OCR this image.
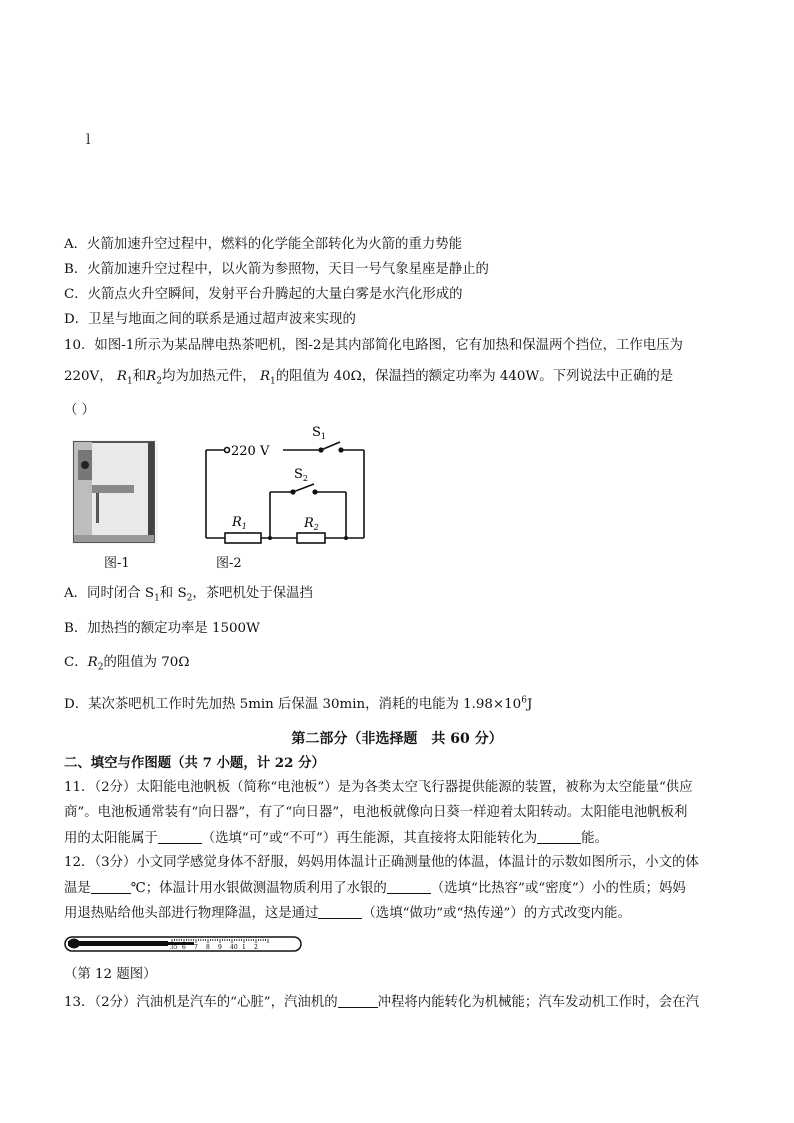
l
A．火箭加速升空过程中，燃料的化学能全部转化为火箭的重力势能
B．火箭加速升空过程中，以火箭为参照物，天目一号气象星座是静止的
C．火箭点火升空瞬间，发射平台升腾起的大量白雾是水汽化形成的
D．卫星与地面之间的联系是通过超声波来实现的
10．如图-1所示为某品牌电热茶吧机，图-2是其内部简化电路图，它有加热和保温两个挡位，工作电压为
220V， $R_1$和$R_2$均为加热元件， $R_1$的阻值为 40Ω，保温挡的额定功率为 440W。下列说法中正确的是
（ ）
图-1
220 V
$S_1$
$S_2$
$R_1$	$R_2$
图-2
A．同时闭合 $S_1$和 $S_2$，茶吧机处于保温挡
B．加热挡的额定功率是 1500W
C．$R_2$的阻值为 70Ω
D．某次茶吧机工作时先加热 5min 后保温 30min，消耗的电能为 $1.98\times 10^6J$
第二部分（非选择题　共 60 分）
二、填空与作图题（共 7 小题，计 22 分）
11．（2分）太阳能电池帆板（简称“电池板”）是为各类太空飞行器提供能源的装置，被称为太空能量“供应
商”。电池板通常装有“向日器”，有了“向日器”，电池板就像向日葵一样迎着太阳转动。太阳能电池帆板利
用的太阳能属于	（选填“可”或“不可”）再生能源，其直接将太阳能转化为	能。
12．（3分）小文同学感觉身体不舒服，妈妈用体温计正确测量他的体温，体温计的示数如图所示，小文的体
温是	℃；体温计用水银做测温物质利用了水银的	（选填“比热容”或“密度”）小的性质；妈妈
用退热贴给他头部进行物理降温，这是通过	（选填“做功”或“热传递”）的方式改变内能。
35 6 7 8 9 40 1 2
（第 12 题图）
13．（2分）汽油机是汽车的“心脏”，汽油机的	冲程将内能转化为机械能；汽车发动机工作时，会在汽
